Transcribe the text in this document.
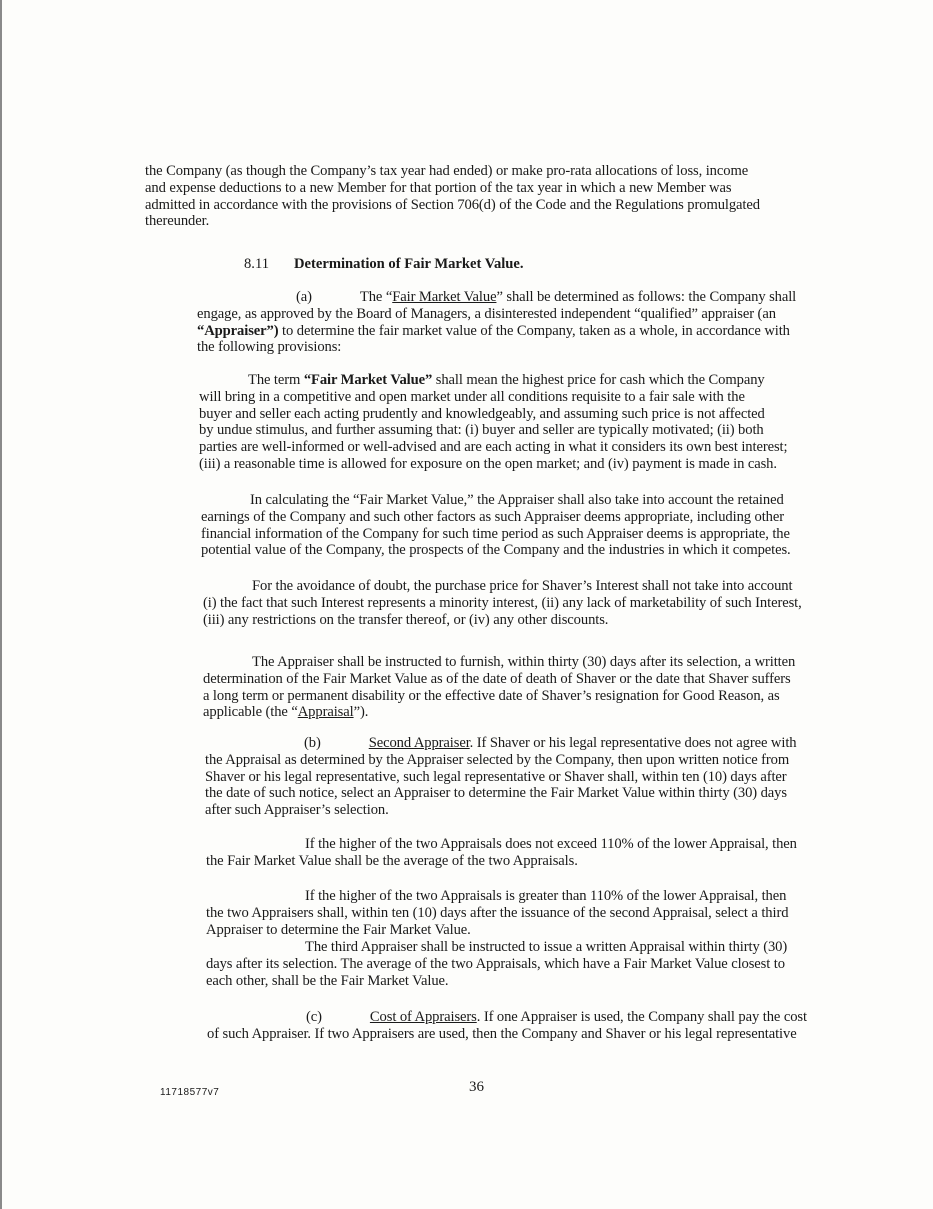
the Company (as though the Company’s tax year had ended) or make pro-rata allocations of loss, income
and expense deductions to a new Member for that portion of the tax year in which a new Member was
admitted in accordance with the provisions of Section 706(d) of the Code and the Regulations promulgated
thereunder.
8.11 Determination of Fair Market Value.
(a)	The “Fair Market Value” shall be determined as follows: the Company shall
engage, as approved by the Board of Managers, a disinterested independent “qualified” appraiser (an
“Appraiser”) to determine the fair market value of the Company, taken as a whole, in accordance with
the following provisions:
The term “Fair Market Value” shall mean the highest price for cash which the Company
will bring in a competitive and open market under all conditions requisite to a fair sale with the
buyer and seller each acting prudently and knowledgeably, and assuming such price is not affected
by undue stimulus, and further assuming that: (i) buyer and seller are typically motivated; (ii) both
parties are well-informed or well-advised and are each acting in what it considers its own best interest;
(iii) a reasonable time is allowed for exposure on the open market; and (iv) payment is made in cash.
In calculating the “Fair Market Value,” the Appraiser shall also take into account the retained
earnings of the Company and such other factors as such Appraiser deems appropriate, including other
financial information of the Company for such time period as such Appraiser deems is appropriate, the
potential value of the Company, the prospects of the Company and the industries in which it competes.
For the avoidance of doubt, the purchase price for Shaver’s Interest shall not take into account
(i) the fact that such Interest represents a minority interest, (ii) any lack of marketability of such Interest,
(iii) any restrictions on the transfer thereof, or (iv) any other discounts.
The Appraiser shall be instructed to furnish, within thirty (30) days after its selection, a written
determination of the Fair Market Value as of the date of death of Shaver or the date that Shaver suffers
a long term or permanent disability or the effective date of Shaver’s resignation for Good Reason, as
applicable (the “Appraisal”).
(b)	Second Appraiser. If Shaver or his legal representative does not agree with
the Appraisal as determined by the Appraiser selected by the Company, then upon written notice from
Shaver or his legal representative, such legal representative or Shaver shall, within ten (10) days after
the date of such notice, select an Appraiser to determine the Fair Market Value within thirty (30) days
after such Appraiser’s selection.
If the higher of the two Appraisals does not exceed 110% of the lower Appraisal, then
the Fair Market Value shall be the average of the two Appraisals.
If the higher of the two Appraisals is greater than 110% of the lower Appraisal, then
the two Appraisers shall, within ten (10) days after the issuance of the second Appraisal, select a third
Appraiser to determine the Fair Market Value.
The third Appraiser shall be instructed to issue a written Appraisal within thirty (30)
days after its selection. The average of the two Appraisals, which have a Fair Market Value closest to
each other, shall be the Fair Market Value.
(c)	Cost of Appraisers. If one Appraiser is used, the Company shall pay the cost
of such Appraiser. If two Appraisers are used, then the Company and Shaver or his legal representative
11718577v7	36
